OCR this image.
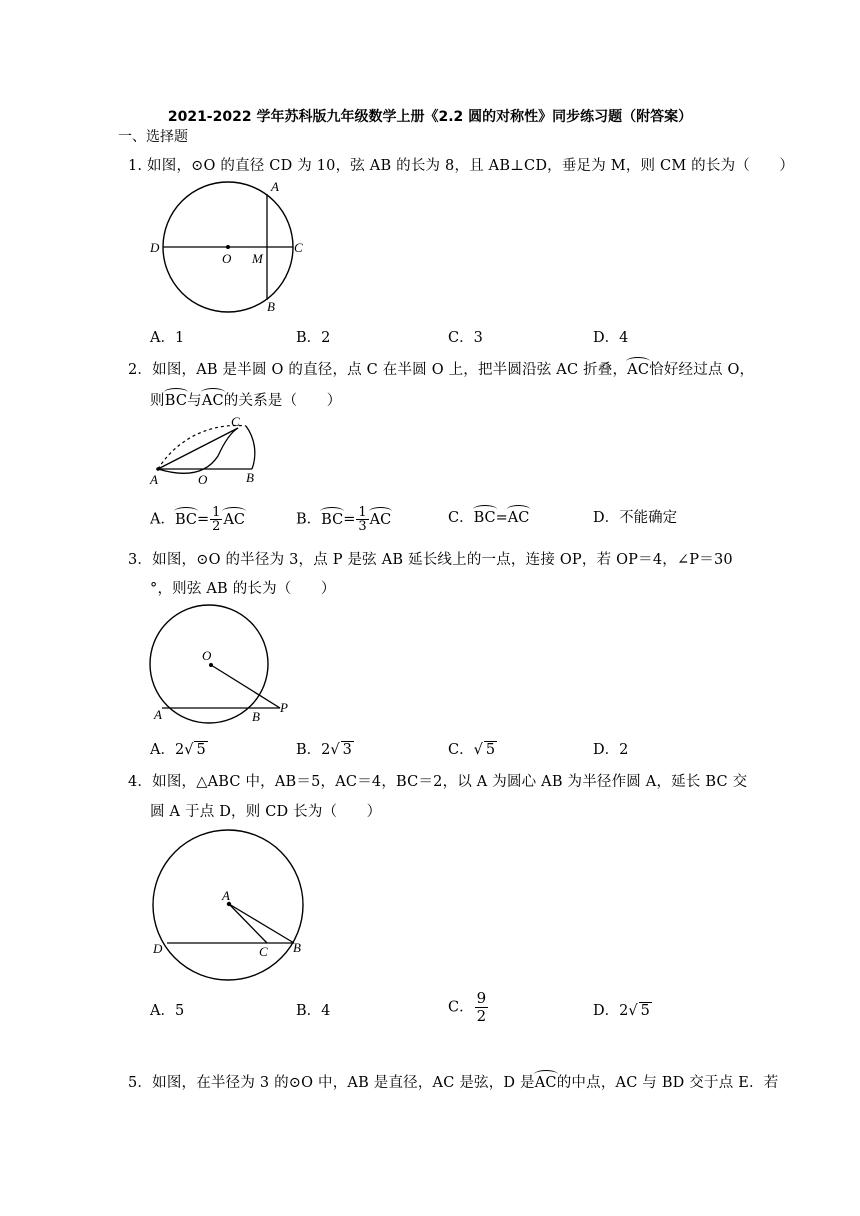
2021-2022 学年苏科版九年级数学上册《2.2 圆的对称性》同步练习题（附答案）
一、选择题
1. 如图，⊙O 的直径 CD 为 10，弦 AB 的长为 8，且 AB⊥CD，垂足为 M，则 CM 的长为（　　）
D
O M
C
A
B
A．1	B．2	C．3	D．4
2．如图，AB 是半圆 O 的直径，点 C 在半圆 O 上，把半圆沿弦 AC 折叠，AC恰好经过点 O，
则BC与AC的关系是（　　）
A	O	B
C
A．$BC= \frac{1}{2}$ AC	B．$BC= \frac{1}{3}$ AC	C．BC=AC	D．不能确定
3．如图，⊙O 的半径为 3，点 P 是弦 AB 延长线上的一点，连接 OP，若 OP＝4，∠P＝30
°，则弦 AB 的长为（　　）
O
A	B
P
A．2√ 5	B．2√ 3	C．√ 5	D．2
4．如图，△ABC 中，AB＝5，AC＝4，BC＝2，以 A 为圆心 AB 为半径作圆 A，延长 BC 交
圆 A 于点 D，则 CD 长为（　　）
A
D	C B
A．5	B．4	C． $\frac{9}{2}$	D．2√ 5
5．如图，在半径为 3 的⊙O 中，AB 是直径，AC 是弦，D 是AC的中点，AC 与 BD 交于点 E．若
